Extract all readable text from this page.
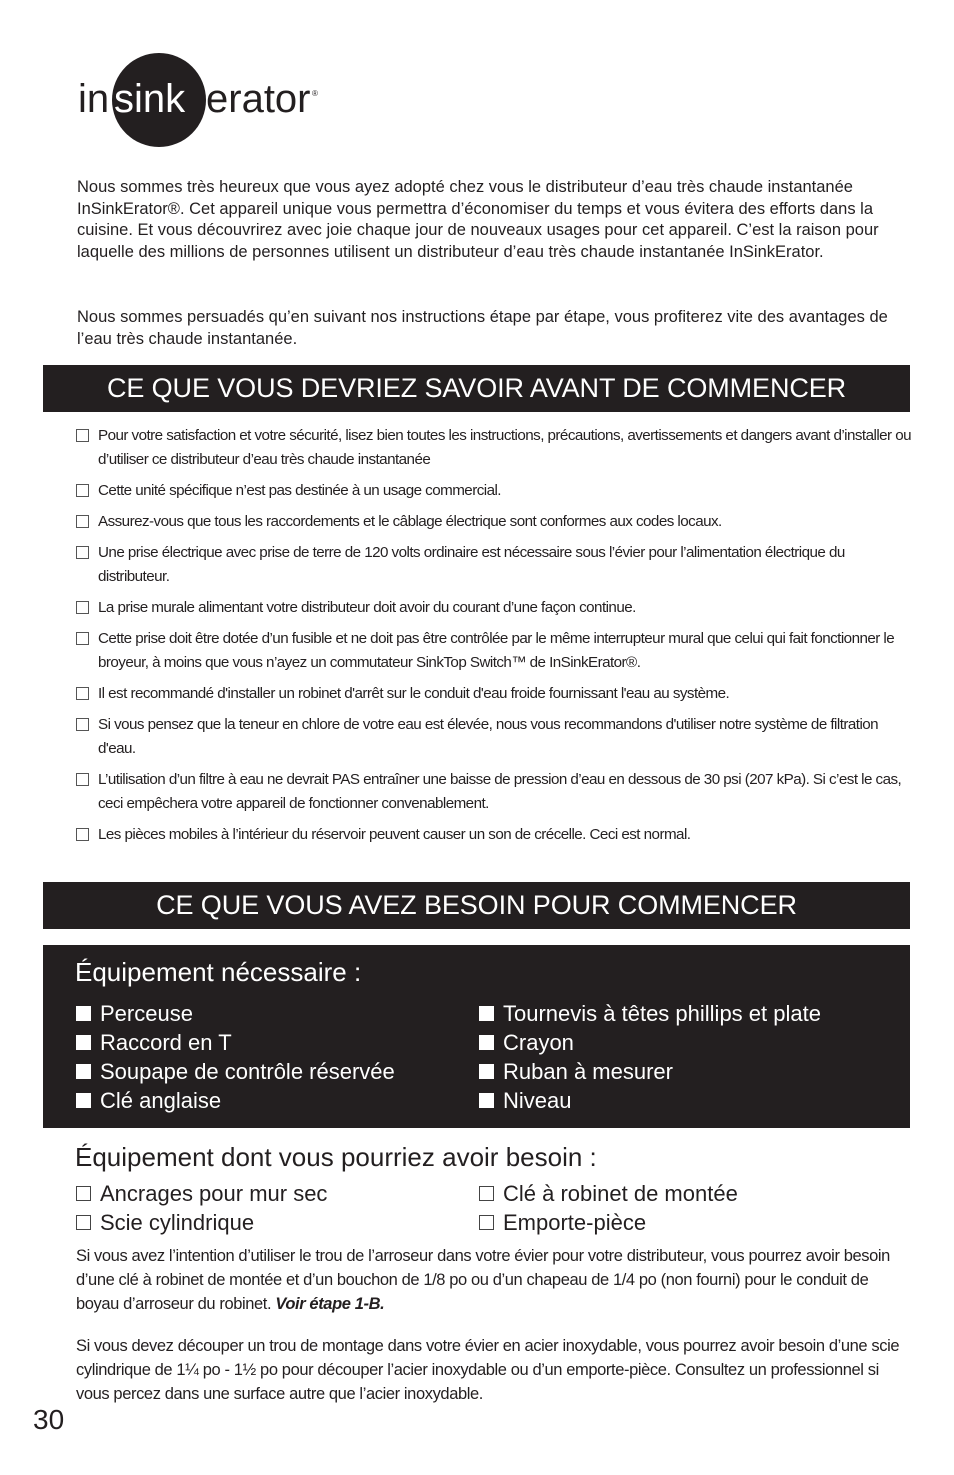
in sink erator ®

Nous sommes très heureux que vous ayez adopté chez vous le distributeur d’eau très chaude instantanée InSinkErator®. Cet appareil unique vous permettra d’économiser du temps et vous évitera des efforts dans la cuisine. Et vous découvrirez avec joie chaque jour de nouveaux usages pour cet appareil. C’est la raison pour laquelle des millions de personnes utilisent un distributeur d’eau très chaude instantanée InSinkErator.

Nous sommes persuadés qu’en suivant nos instructions étape par étape, vous profiterez vite des avantages de l’eau très chaude instantanée.

CE QUE VOUS DEVRIEZ SAVOIR AVANT DE COMMENCER
Pour votre satisfaction et votre sécurité, lisez bien toutes les instructions, précautions, avertissements et dangers avant d’installer ou d’utiliser ce distributeur d’eau très chaude instantanée
Cette unité spécifique n’est pas destinée à un usage commercial.
Assurez-vous que tous les raccordements et le câblage électrique sont conformes aux codes locaux.
Une prise électrique avec prise de terre de 120 volts ordinaire est nécessaire sous l’évier pour l’alimentation électrique du distributeur.
La prise murale alimentant votre distributeur doit avoir du courant d’une façon continue.
Cette prise doit être dotée d’un fusible et ne doit pas être contrôlée par le même interrupteur mural que celui qui fait fonctionner le broyeur, à moins que vous n’ayez un commutateur SinkTop Switch™ de InSinkErator®.
Il est recommandé d'installer un robinet d'arrêt sur le conduit d'eau froide fournissant l'eau au système.
Si vous pensez que la teneur en chlore de votre eau est élevée, nous vous recommandons d'utiliser notre système de filtration d'eau.
L’utilisation d’un filtre à eau ne devrait PAS entraîner une baisse de pression d’eau en dessous de 30 psi (207 kPa). Si c’est le cas, ceci empêchera votre appareil de fonctionner convenablement.
Les pièces mobiles à l’intérieur du réservoir peuvent causer un son de crécelle. Ceci est normal.
CE QUE VOUS AVEZ BESOIN POUR COMMENCER
Équipement nécessaire :
Perceuse
Raccord en T
Soupape de contrôle réservée
Clé anglaise
Tournevis à têtes phillips et plate
Crayon
Ruban à mesurer
Niveau
Équipement dont vous pourriez avoir besoin :
Ancrages pour mur sec
Scie cylindrique
Clé à robinet de montée
Emporte-pièce

Si vous avez l’intention d’utiliser le trou de l’arroseur dans votre évier pour votre distributeur, vous pourrez avoir besoin d’une clé à robinet de montée et d’un bouchon de 1/8 po ou d’un chapeau de 1/4 po (non fourni) pour le conduit de boyau d’arroseur du robinet. Voir étape 1-B.

Si vous devez découper un trou de montage dans votre évier en acier inoxydable, vous pourrez avoir besoin d’une scie cylindrique de 1¼ po - 1½ po pour découper l’acier inoxydable ou d’un emporte-pièce. Consultez un professionnel si vous percez dans une surface autre que l’acier inoxydable.

30
